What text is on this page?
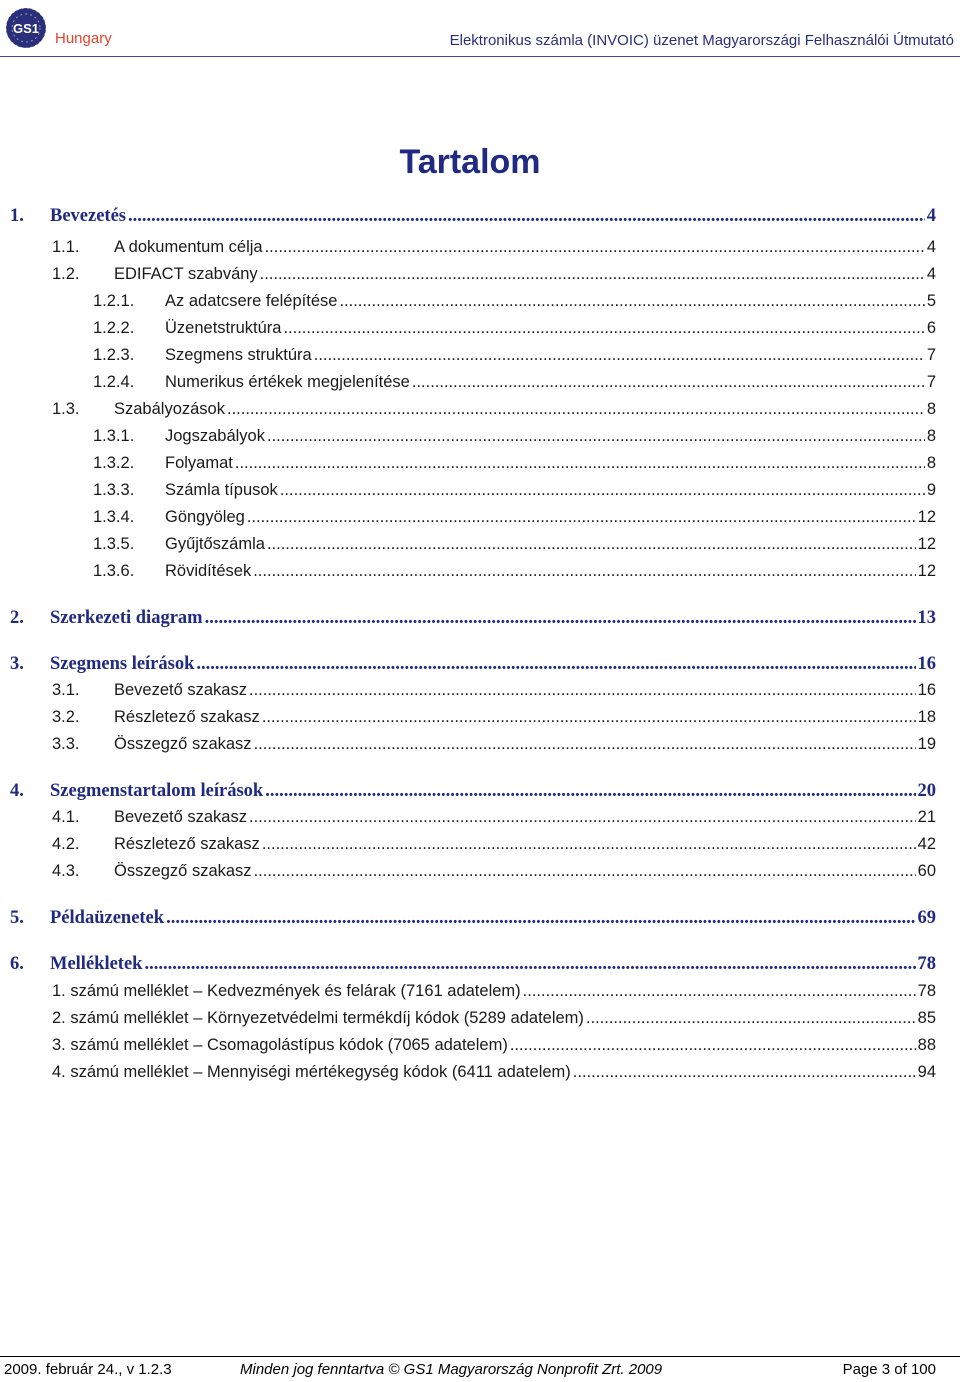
GS1
Hungary	Elektronikus számla (INVOIC) üzenet Magyarországi Felhasználói Útmutató
Tartalom
1.	Bevezetés .....	4
1.1.	A dokumentum célja .....	4
1.2.	EDIFACT szabvány .....	4
1.2.1.	Az adatcsere felépítése .....	5
1.2.2.	Üzenetstruktúra .....	6
1.2.3.	Szegmens struktúra .....	7
1.2.4.	Numerikus értékek megjelenítése .....	7
1.3.	Szabályozások .....	8
1.3.1.	Jogszabályok .....	8
1.3.2.	Folyamat .....	8
1.3.3.	Számla típusok .....	9
1.3.4.	Göngyöleg .....	12
1.3.5.	Gyűjtőszámla .....	12
1.3.6.	Rövidítések .....	12
2.	Szerkezeti diagram .....	13
3.	Szegmens leírások .....	16
3.1.	Bevezető szakasz .....	16
3.2.	Részletező szakasz .....	18
3.3.	Összegző szakasz .....	19
4.	Szegmenstartalom leírások .....	20
4.1.	Bevezető szakasz .....	21
4.2.	Részletező szakasz .....	42
4.3.	Összegző szakasz .....	60
5.	Példaüzenetek .....	69
6.	Mellékletek .....	78
1. számú melléklet – Kedvezmények és felárak (7161 adatelem) .....	78
2. számú melléklet – Környezetvédelmi termékdíj kódok (5289 adatelem) .....	85
3. számú melléklet – Csomagolástípus kódok (7065 adatelem) .....	88
4. számú melléklet – Mennyiségi mértékegység kódok (6411 adatelem) .....	94
2009. február 24., v 1.2.3	Minden jog fenntartva © GS1 Magyarország Nonprofit Zrt. 2009	Page 3 of 100
